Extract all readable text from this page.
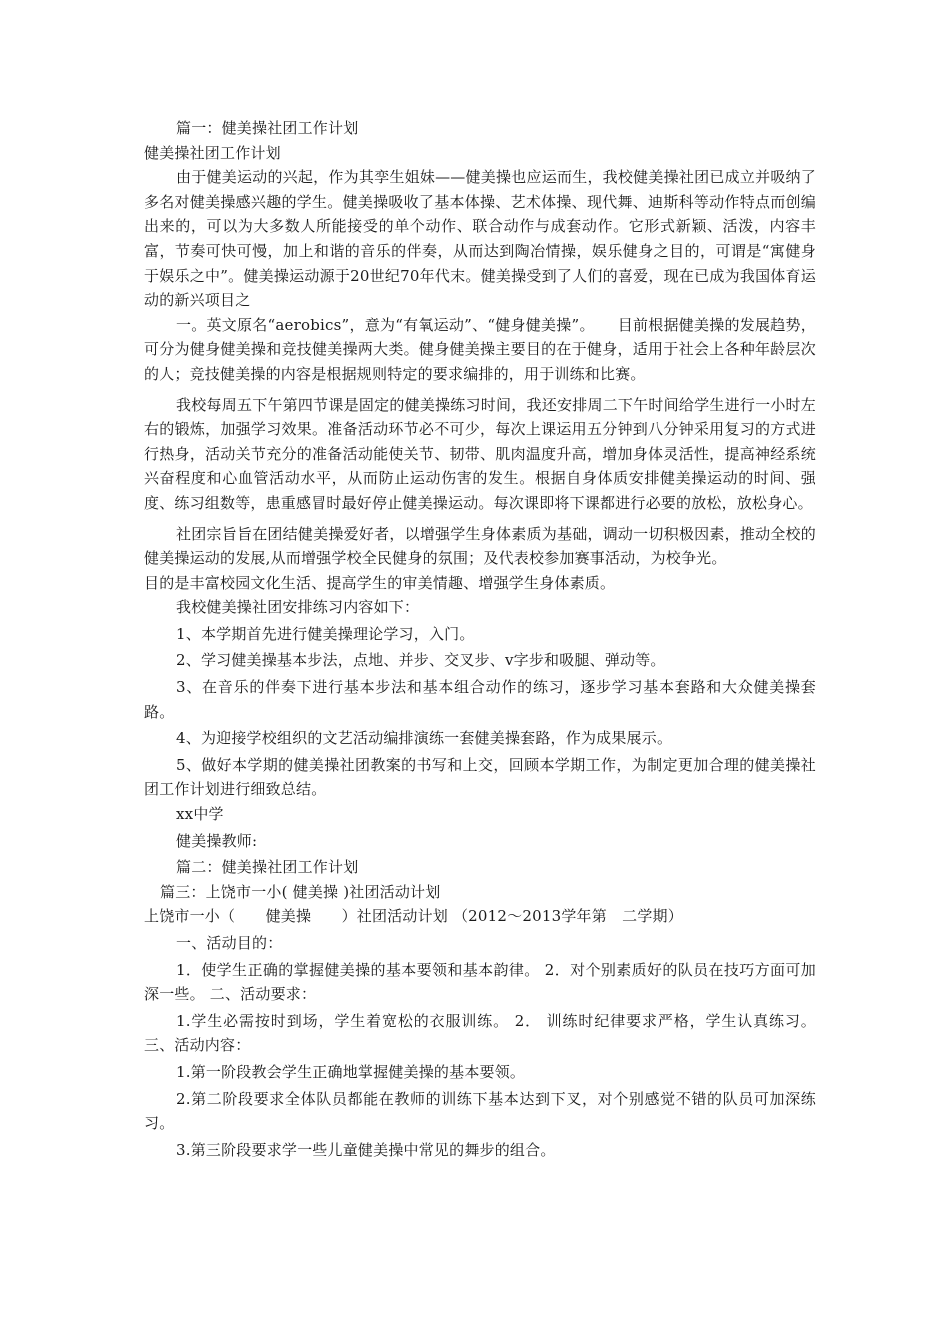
篇一：健美操社团工作计划

健美操社团工作计划

由于健美运动的兴起，作为其孪生姐妹——健美操也应运而生，我校健美操社团已成立并吸纳了多名对健美操感兴趣的学生。健美操吸收了基本体操、艺术体操、现代舞、迪斯科等动作特点而创编出来的，可以为大多数人所能接受的单个动作、联合动作与成套动作。它形式新颖、活泼，内容丰富，节奏可快可慢，加上和谐的音乐的伴奏，从而达到陶冶情操，娱乐健身之目的，可谓是“寓健身于娱乐之中”。健美操运动源于20世纪70年代末。健美操受到了人们的喜爱，现在已成为我国体育运动的新兴项目之

一。英文原名“aerobics”，意为“有氧运动”、“健身健美操”。　　目前根据健美操的发展趋势，可分为健身健美操和竞技健美操两大类。健身健美操主要目的在于健身，适用于社会上各种年龄层次的人；竞技健美操的内容是根据规则特定的要求编排的，用于训练和比赛。

我校每周五下午第四节课是固定的健美操练习时间，我还安排周二下午时间给学生进行一小时左右的锻炼，加强学习效果。准备活动环节必不可少，每次上课运用五分钟到八分钟采用复习的方式进行热身，活动关节充分的准备活动能使关节、韧带、肌肉温度升高，增加身体灵活性，提高神经系统兴奋程度和心血管活动水平，从而防止运动伤害的发生。根据自身体质安排健美操运动的时间、强度、练习组数等，患重感冒时最好停止健美操运动。每次课即将下课都进行必要的放松，放松身心。

社团宗旨旨在团结健美操爱好者，以增强学生身体素质为基础，调动一切积极因素，推动全校的健美操运动的发展,从而增强学校全民健身的氛围；及代表校参加赛事活动，为校争光。

目的是丰富校园文化生活、提高学生的审美情趣、增强学生身体素质。

我校健美操社团安排练习内容如下：

1、本学期首先进行健美操理论学习，入门。

2、学习健美操基本步法，点地、并步、交叉步、v字步和吸腿、弹动等。

3、在音乐的伴奏下进行基本步法和基本组合动作的练习，逐步学习基本套路和大众健美操套路。

4、为迎接学校组织的文艺活动编排演练一套健美操套路，作为成果展示。

5、做好本学期的健美操社团教案的书写和上交，回顾本学期工作，为制定更加合理的健美操社团工作计划进行细致总结。

xx中学

健美操教师:

篇二：健美操社团工作计划

篇三：上饶市一小( 健美操 )社团活动计划

上饶市一小（　　健美操　　）社团活动计划 （2012～2013学年第　二学期）

一、活动目的：

1．使学生正确的掌握健美操的基本要领和基本韵律。 2．对个别素质好的队员在技巧方面可加深一些。 二、活动要求：

1.学生必需按时到场，学生着宽松的衣服训练。 2． 训练时纪律要求严格，学生认真练习。 三、活动内容：

1.第一阶段教会学生正确地掌握健美操的基本要领。

2.第二阶段要求全体队员都能在教师的训练下基本达到下叉，对个别感觉不错的队员可加深练习。

3.第三阶段要求学一些儿童健美操中常见的舞步的组合。
